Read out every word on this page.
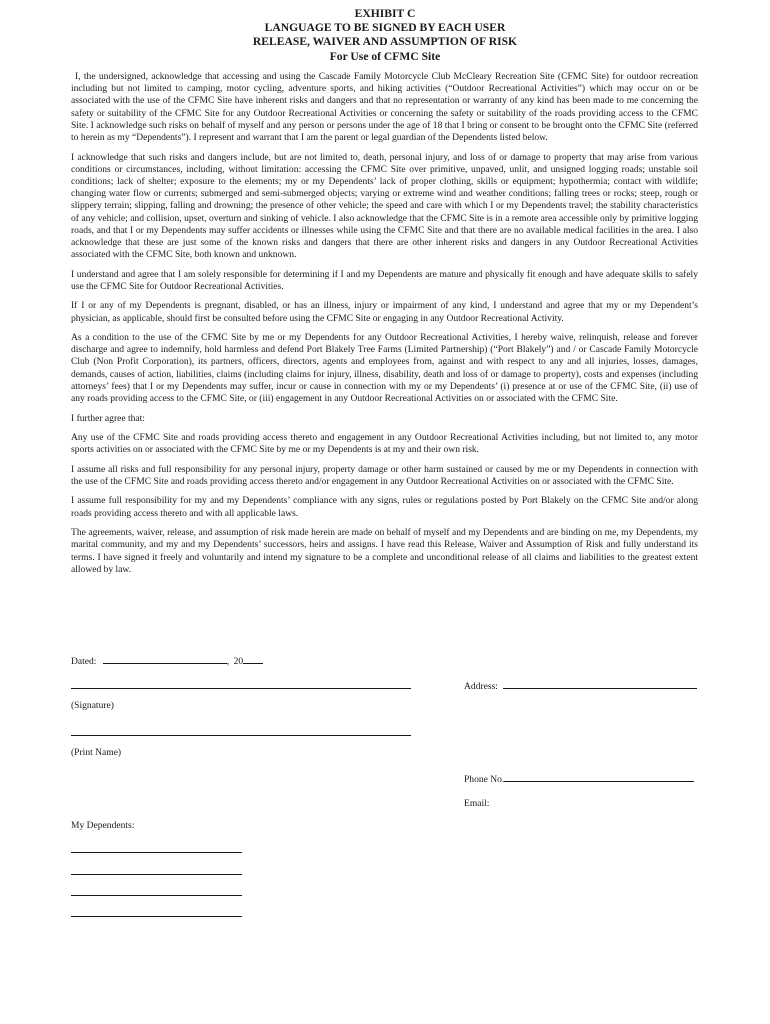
EXHIBIT C
LANGUAGE TO BE SIGNED BY EACH USER
RELEASE, WAIVER AND ASSUMPTION OF RISK
For Use of CFMC Site

I, the undersigned, acknowledge that accessing and using the Cascade Family Motorcycle Club McCleary Recreation Site (CFMC Site) for outdoor recreation including but not limited to camping, motor cycling, adventure sports, and hiking activities (“Outdoor Recreational Activities”) which may occur on or be associated with the use of the CFMC Site have inherent risks and dangers and that no representation or warranty of any kind has been made to me concerning the safety or suitability of the CFMC Site for any Outdoor Recreational Activities or concerning the safety or suitability of the roads providing access to the CFMC Site. I acknowledge such risks on behalf of myself and any person or persons under the age of 18 that I bring or consent to be brought onto the CFMC Site (referred to herein as my “Dependents”). I represent and warrant that I am the parent or legal guardian of the Dependents listed below.

I acknowledge that such risks and dangers include, but are not limited to, death, personal injury, and loss of or damage to property that may arise from various conditions or circumstances, including, without limitation: accessing the CFMC Site over primitive, unpaved, unlit, and unsigned logging roads; unstable soil conditions; lack of shelter; exposure to the elements; my or my Dependents’ lack of proper clothing, skills or equipment; hypothermia; contact with wildlife; changing water flow or currents; submerged and semi-submerged objects; varying or extreme wind and weather conditions; falling trees or rocks; steep, rough or slippery terrain; slipping, falling and drowning; the presence of other vehicle; the speed and care with which I or my Dependents travel; the stability characteristics of any vehicle; and collision, upset, overturn and sinking of vehicle. I also acknowledge that the CFMC Site is in a remote area accessible only by primitive logging roads, and that I or my Dependents may suffer accidents or illnesses while using the CFMC Site and that there are no available medical facilities in the area. I also acknowledge that these are just some of the known risks and dangers that there are other inherent risks and dangers in any Outdoor Recreational Activities associated with the CFMC Site, both known and unknown.

I understand and agree that I am solely responsible for determining if I and my Dependents are mature and physically fit enough and have adequate skills to safely use the CFMC Site for Outdoor Recreational Activities.

If I or any of my Dependents is pregnant, disabled, or has an illness, injury or impairment of any kind, I understand and agree that my or my Dependent’s physician, as applicable, should first be consulted before using the CFMC Site or engaging in any Outdoor Recreational Activity.

As a condition to the use of the CFMC Site by me or my Dependents for any Outdoor Recreational Activities, I hereby waive, relinquish, release and forever discharge and agree to indemnify, hold harmless and defend Port Blakely Tree Farms (Limited Partnership) (“Port Blakely”) and / or Cascade Family Motorcycle Club (Non Profit Corporation), its partners, officers, directors, agents and employees from, against and with respect to any and all injuries, losses, damages, demands, causes of action, liabilities, claims (including claims for injury, illness, disability, death and loss of or damage to property), costs and expenses (including attorneys’ fees) that I or my Dependents may suffer, incur or cause in connection with my or my Dependents’ (i) presence at or use of the CFMC Site, (ii) use of any roads providing access to the CFMC Site, or (iii) engagement in any Outdoor Recreational Activities on or associated with the CFMC Site.

I further agree that:

Any use of the CFMC Site and roads providing access thereto and engagement in any Outdoor Recreational Activities including, but not limited to, any motor sports activities on or associated with the CFMC Site by me or my Dependents is at my and their own risk.

I assume all risks and full responsibility for any personal injury, property damage or other harm sustained or caused by me or my Dependents in connection with the use of the CFMC Site and roads providing access thereto and/or engagement in any Outdoor Recreational Activities on or associated with the CFMC Site.

I assume full responsibility for my and my Dependents’ compliance with any signs, rules or regulations posted by Port Blakely on the CFMC Site and/or along roads providing access thereto and with all applicable laws.

The agreements, waiver, release, and assumption of risk made herein are made on behalf of myself and my Dependents and are binding on me, my Dependents, my marital community, and my and my Dependents’ successors, heirs and assigns. I have read this Release, Waiver and Assumption of Risk and fully understand its terms. I have signed it freely and voluntarily and intend my signature to be a complete and unconditional release of all claims and liabilities to the greatest extent allowed by law.

Dated:	, 20
(Signature)
Address:
(Print Name)
Phone No.
Email:
My Dependents:
